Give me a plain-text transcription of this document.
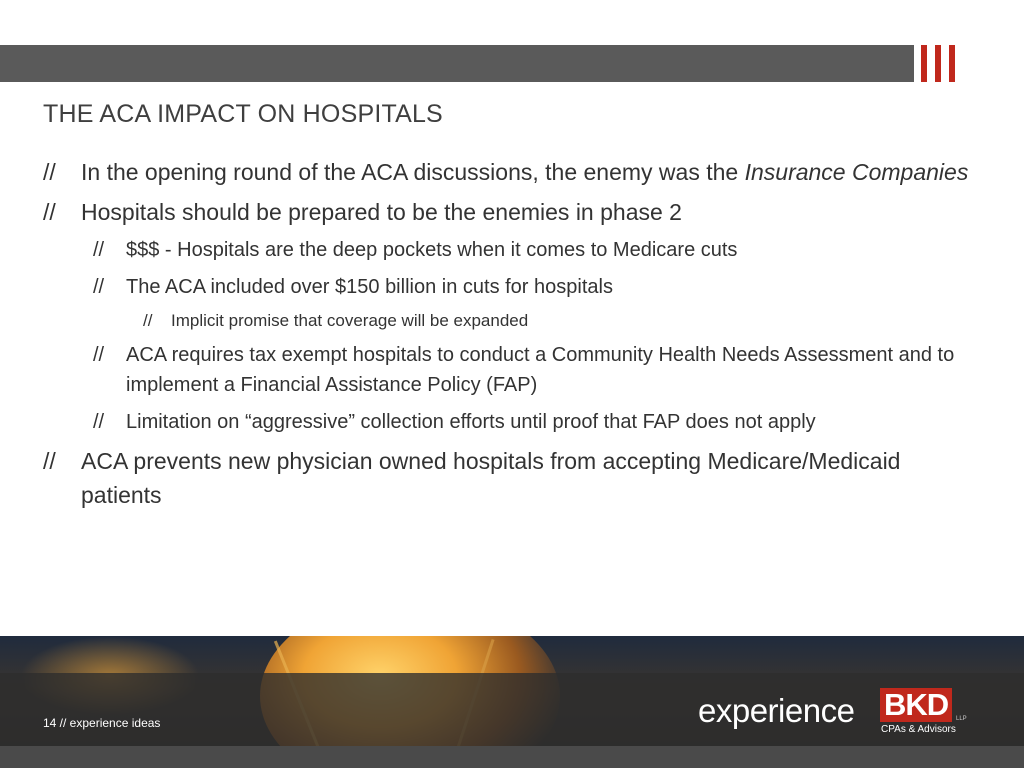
THE ACA IMPACT ON HOSPITALS
// In the opening round of the ACA discussions, the enemy was the Insurance Companies
// Hospitals should be prepared to be the enemies in phase 2
// $$$ - Hospitals are the deep pockets when it comes to Medicare cuts
// The ACA included over $150 billion in cuts for hospitals
// Implicit promise that coverage will be expanded
// ACA requires tax exempt hospitals to conduct a Community Health Needs Assessment and to implement a Financial Assistance Policy (FAP)
// Limitation on “aggressive” collection efforts until proof that FAP does not apply
// ACA prevents new physician owned hospitals from accepting Medicare/Medicaid patients
14 // experience ideas	experience BKD	LLP
CPAs & Advisors
